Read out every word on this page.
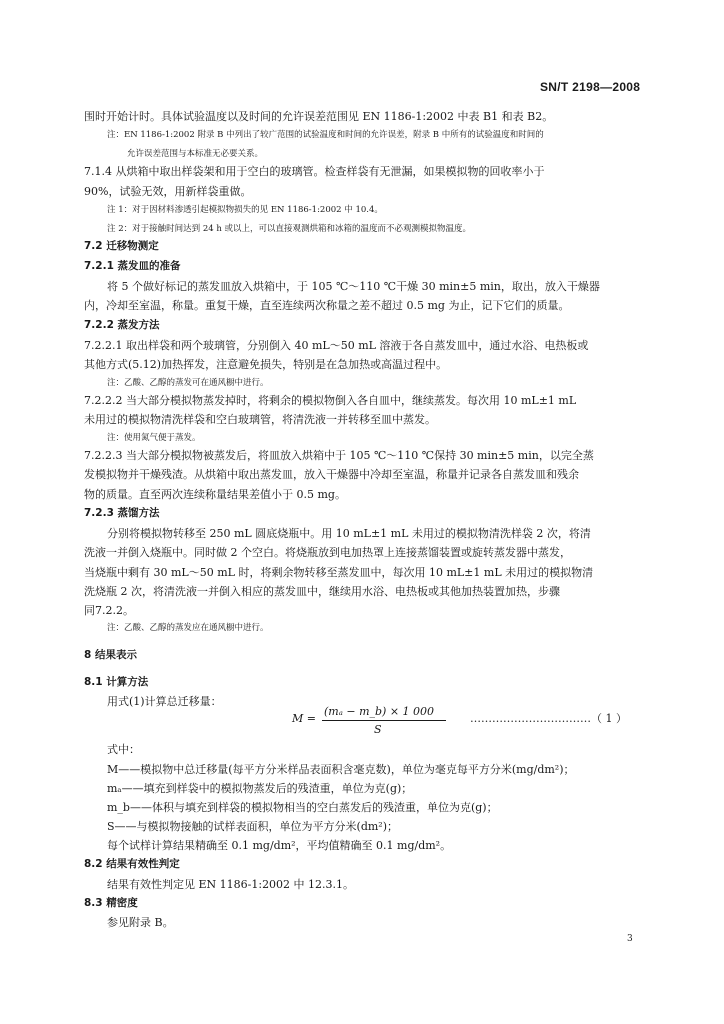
SN/T 2198—2008
围时开始计时。具体试验温度以及时间的允许误差范围见 EN 1186-1:2002 中表 B1 和表 B2。
注：EN 1186-1:2002 附录 B 中列出了较广范围的试验温度和时间的允许误差，附录 B 中所有的试验温度和时间的
允许误差范围与本标准无必要关系。
7.1.4 从烘箱中取出样袋架和用于空白的玻璃管。检查样袋有无泄漏，如果模拟物的回收率小于
90%，试验无效，用新样袋重做。
注 1：对于因材料渗透引起模拟物损失的见 EN 1186-1:2002 中 10.4。
注 2：对于接触时间达到 24 h 或以上，可以直接观测烘箱和冰箱的温度而不必观测模拟物温度。
7.2 迁移物测定
7.2.1 蒸发皿的准备
将 5 个做好标记的蒸发皿放入烘箱中，于 105 ℃～110 ℃干燥 30 min±5 min，取出，放入干燥器
内，冷却至室温，称量。重复干燥，直至连续两次称量之差不超过 0.5 mg 为止，记下它们的质量。
7.2.2 蒸发方法
7.2.2.1 取出样袋和两个玻璃管，分别倒入 40 mL～50 mL 溶液于各自蒸发皿中，通过水浴、电热板或
其他方式(5.12)加热挥发，注意避免损失，特别是在急加热或高温过程中。
注：乙酸、乙醇的蒸发可在通风橱中进行。
7.2.2.2 当大部分模拟物蒸发掉时，将剩余的模拟物倒入各自皿中，继续蒸发。每次用 10 mL±1 mL
未用过的模拟物清洗样袋和空白玻璃管，将清洗液一并转移至皿中蒸发。
注：使用氮气便于蒸发。
7.2.2.3 当大部分模拟物被蒸发后，将皿放入烘箱中于 105 ℃～110 ℃保持 30 min±5 min，以完全蒸
发模拟物并干燥残渣。从烘箱中取出蒸发皿，放入干燥器中冷却至室温，称量并记录各自蒸发皿和残余
物的质量。直至两次连续称量结果差值小于 0.5 mg。
7.2.3 蒸馏方法
分别将模拟物转移至 250 mL 圆底烧瓶中。用 10 mL±1 mL 未用过的模拟物清洗样袋 2 次，将清
洗液一并倒入烧瓶中。同时做 2 个空白。将烧瓶放到电加热罩上连接蒸馏装置或旋转蒸发器中蒸发，
当烧瓶中剩有 30 mL～50 mL 时，将剩余物转移至蒸发皿中，每次用 10 mL±1 mL 未用过的模拟物清
洗烧瓶 2 次，将清洗液一并倒入相应的蒸发皿中，继续用水浴、电热板或其他加热装置加热，步骤
同7.2.2。
注：乙酸、乙醇的蒸发应在通风橱中进行。
8 结果表示
8.1 计算方法
用式(1)计算总迁移量：
M =
(mₐ − m_b) × 1 000
S
……………………………（ 1 ）
式中：
M——模拟物中总迁移量(每平方分米样品表面积含毫克数)，单位为毫克每平方分米(mg/dm²)；
mₐ——填充到样袋中的模拟物蒸发后的残渣重，单位为克(g)；
m_b——体积与填充到样袋的模拟物相当的空白蒸发后的残渣重，单位为克(g)；
S——与模拟物接触的试样表面积，单位为平方分米(dm²)；
每个试样计算结果精确至 0.1 mg/dm²，平均值精确至 0.1 mg/dm²。
8.2 结果有效性判定
结果有效性判定见 EN 1186-1:2002 中 12.3.1。
8.3 精密度
参见附录 B。
3
